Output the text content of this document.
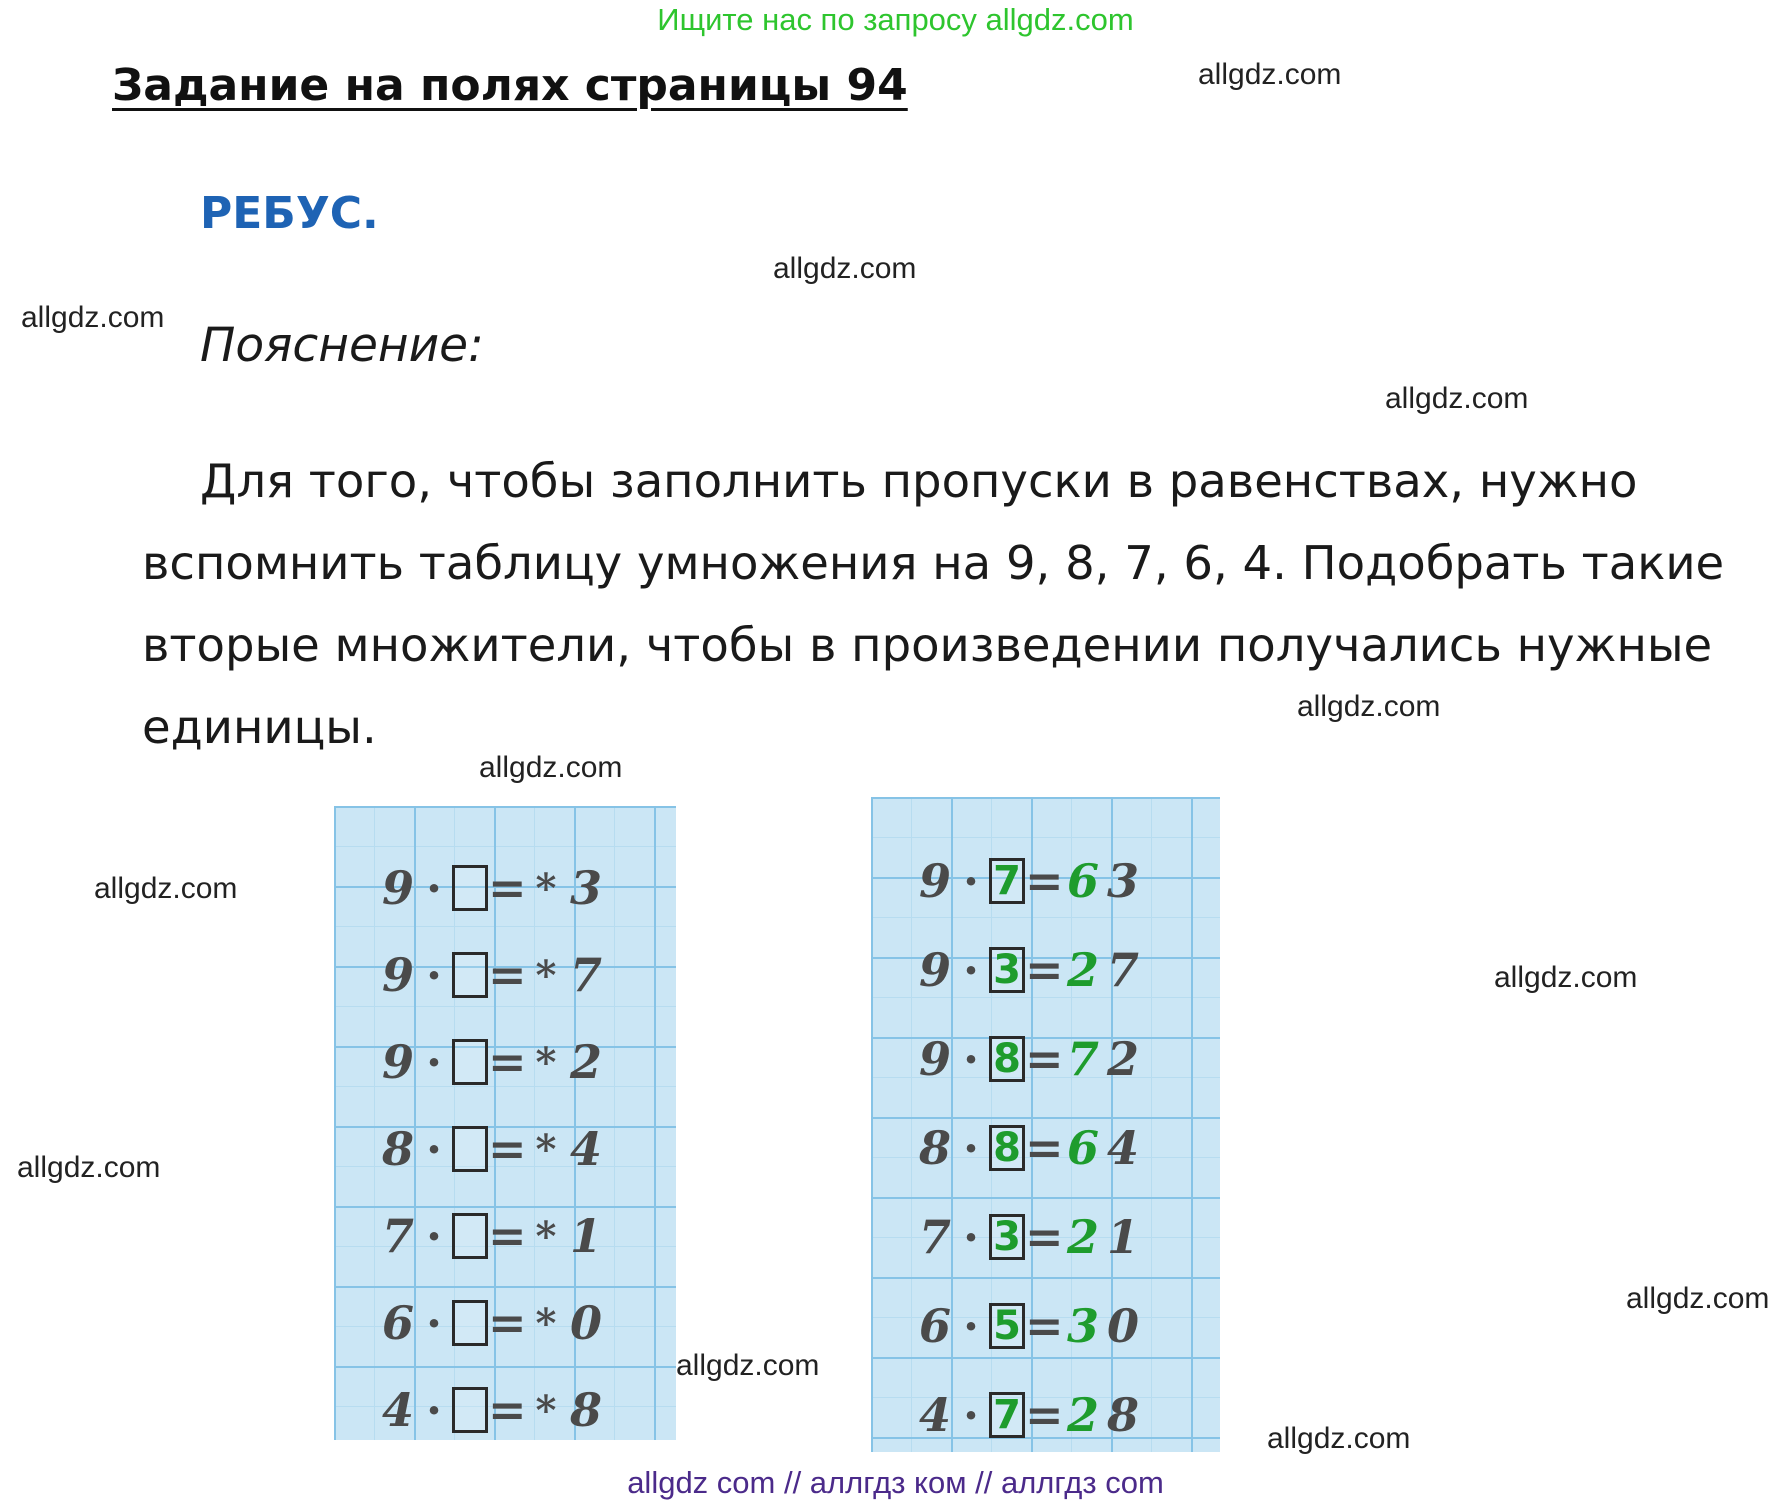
Ищите нас по запросу allgdz.com
Задание на полях страницы 94	allgdz.com
РЕБУС.
allgdz.com
allgdz.com
Пояснение:
allgdz.com
Для того, чтобы заполнить пропуски в равенствах, нужно вспомнить таблицу умножения на 9, 8, 7, 6, 4. Подобрать такие вторые множители, чтобы в произведении получались нужные единицы.	allgdz.com
allgdz.com
allgdz.com
allgdz.com
allgdz.com
allgdz.com
allgdz.com
allgdz.com
9 · = * 3
9 · = * 7
9 · = * 2
8 · = * 4
7 · = * 1
6 · = * 0
4 · = * 8
9 · 7 = 6 3
9 · 3 = 2 7
9 · 8 = 7 2
8 · 8 = 6 4
7 · 3 = 2 1
6 · 5 = 3 0
4 · 7 = 2 8
allgdz com // аллгдз ком // аллгдз com
